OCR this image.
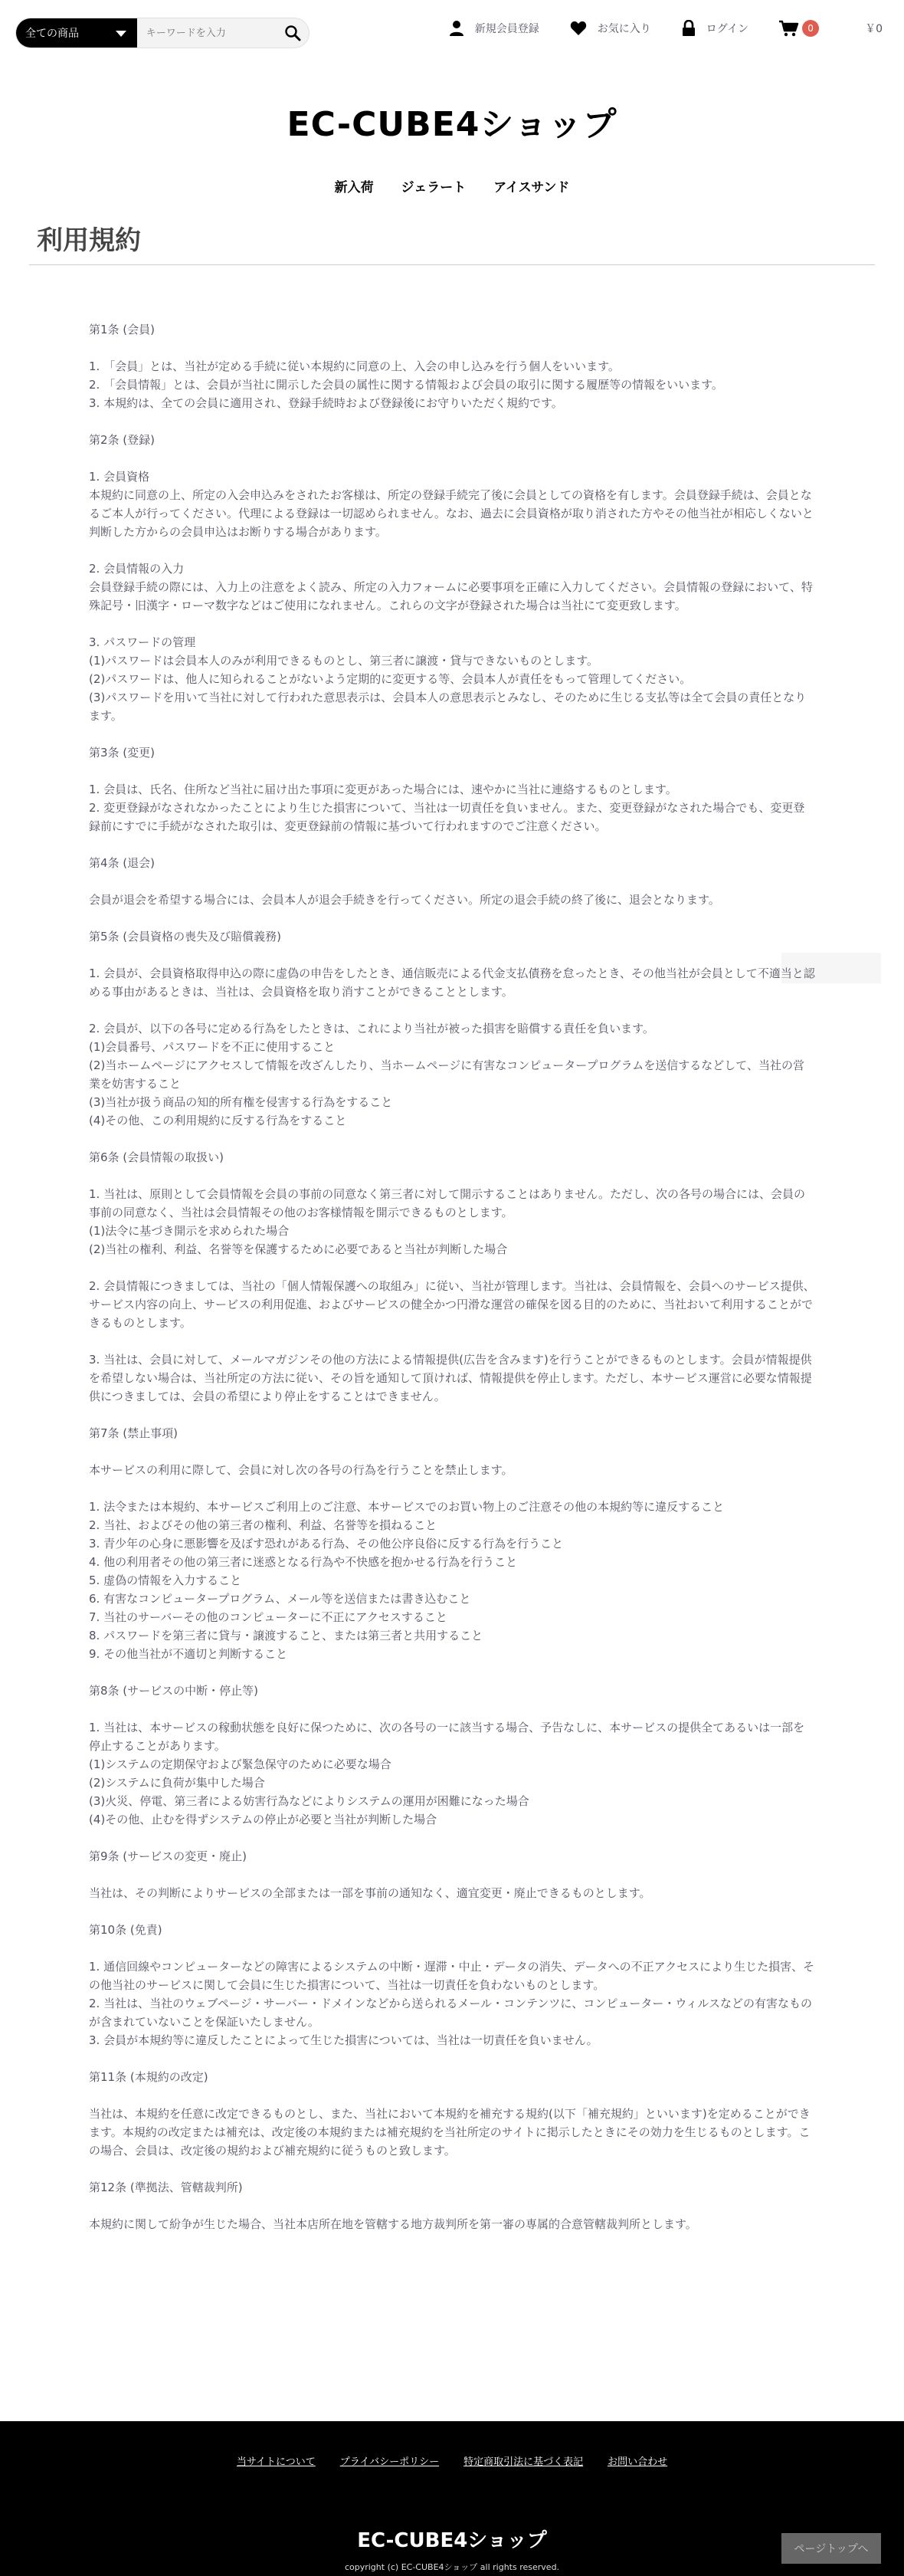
全ての商品
キーワードを入力	新規会員登録	お気に入り	ログイン	0	￥0
EC-CUBE4ショップ
新入荷 ジェラート アイスサンド
利用規約

第1条 (会員)

1. 「会員」とは、当社が定める手続に従い本規約に同意の上、入会の申し込みを行う個人をいいます。
2. 「会員情報」とは、会員が当社に開示した会員の属性に関する情報および会員の取引に関する履歴等の情報をいいます。
3. 本規約は、全ての会員に適用され、登録手続時および登録後にお守りいただく規約です。

第2条 (登録)

1. 会員資格
本規約に同意の上、所定の入会申込みをされたお客様は、所定の登録手続完了後に会員としての資格を有します。会員登録手続は、会員となるご本人が行ってください。代理による登録は一切認められません。なお、過去に会員資格が取り消された方やその他当社が相応しくないと判断した方からの会員申込はお断りする場合があります。

2. 会員情報の入力
会員登録手続の際には、入力上の注意をよく読み、所定の入力フォームに必要事項を正確に入力してください。会員情報の登録において、特殊記号・旧漢字・ローマ数字などはご使用になれません。これらの文字が登録された場合は当社にて変更致します。

3. パスワードの管理
(1)パスワードは会員本人のみが利用できるものとし、第三者に譲渡・貸与できないものとします。
(2)パスワードは、他人に知られることがないよう定期的に変更する等、会員本人が責任をもって管理してください。
(3)パスワードを用いて当社に対して行われた意思表示は、会員本人の意思表示とみなし、そのために生じる支払等は全て会員の責任となります。

第3条 (変更)

1. 会員は、氏名、住所など当社に届け出た事項に変更があった場合には、速やかに当社に連絡するものとします。
2. 変更登録がなされなかったことにより生じた損害について、当社は一切責任を負いません。また、変更登録がなされた場合でも、変更登録前にすでに手続がなされた取引は、変更登録前の情報に基づいて行われますのでご注意ください。

第4条 (退会)

会員が退会を希望する場合には、会員本人が退会手続きを行ってください。所定の退会手続の終了後に、退会となります。

第5条 (会員資格の喪失及び賠償義務)

1. 会員が、会員資格取得申込の際に虚偽の申告をしたとき、通信販売による代金支払債務を怠ったとき、その他当社が会員として不適当と認める事由があるときは、当社は、会員資格を取り消すことができることとします。

2. 会員が、以下の各号に定める行為をしたときは、これにより当社が被った損害を賠償する責任を負います。
(1)会員番号、パスワードを不正に使用すること
(2)当ホームページにアクセスして情報を改ざんしたり、当ホームページに有害なコンピュータープログラムを送信するなどして、当社の営業を妨害すること
(3)当社が扱う商品の知的所有権を侵害する行為をすること
(4)その他、この利用規約に反する行為をすること

第6条 (会員情報の取扱い)

1. 当社は、原則として会員情報を会員の事前の同意なく第三者に対して開示することはありません。ただし、次の各号の場合には、会員の事前の同意なく、当社は会員情報その他のお客様情報を開示できるものとします。
(1)法令に基づき開示を求められた場合
(2)当社の権利、利益、名誉等を保護するために必要であると当社が判断した場合

2. 会員情報につきましては、当社の「個人情報保護への取組み」に従い、当社が管理します。当社は、会員情報を、会員へのサービス提供、サービス内容の向上、サービスの利用促進、およびサービスの健全かつ円滑な運営の確保を図る目的のために、当社おいて利用することができるものとします。

3. 当社は、会員に対して、メールマガジンその他の方法による情報提供(広告を含みます)を行うことができるものとします。会員が情報提供を希望しない場合は、当社所定の方法に従い、その旨を通知して頂ければ、情報提供を停止します。ただし、本サービス運営に必要な情報提供につきましては、会員の希望により停止をすることはできません。

第7条 (禁止事項)

本サービスの利用に際して、会員に対し次の各号の行為を行うことを禁止します。

1. 法令または本規約、本サービスご利用上のご注意、本サービスでのお買い物上のご注意その他の本規約等に違反すること
2. 当社、およびその他の第三者の権利、利益、名誉等を損ねること
3. 青少年の心身に悪影響を及ぼす恐れがある行為、その他公序良俗に反する行為を行うこと
4. 他の利用者その他の第三者に迷惑となる行為や不快感を抱かせる行為を行うこと
5. 虚偽の情報を入力すること
6. 有害なコンピュータープログラム、メール等を送信または書き込むこと
7. 当社のサーバーその他のコンピューターに不正にアクセスすること
8. パスワードを第三者に貸与・譲渡すること、または第三者と共用すること
9. その他当社が不適切と判断すること

第8条 (サービスの中断・停止等)

1. 当社は、本サービスの稼動状態を良好に保つために、次の各号の一に該当する場合、予告なしに、本サービスの提供全てあるいは一部を停止することがあります。
(1)システムの定期保守および緊急保守のために必要な場合
(2)システムに負荷が集中した場合
(3)火災、停電、第三者による妨害行為などによりシステムの運用が困難になった場合
(4)その他、止むを得ずシステムの停止が必要と当社が判断した場合

第9条 (サービスの変更・廃止)

当社は、その判断によりサービスの全部または一部を事前の通知なく、適宜変更・廃止できるものとします。

第10条 (免責)

1. 通信回線やコンピューターなどの障害によるシステムの中断・遅滞・中止・データの消失、データへの不正アクセスにより生じた損害、その他当社のサービスに関して会員に生じた損害について、当社は一切責任を負わないものとします。
2. 当社は、当社のウェブページ・サーバー・ドメインなどから送られるメール・コンテンツに、コンピューター・ウィルスなどの有害なものが含まれていないことを保証いたしません。
3. 会員が本規約等に違反したことによって生じた損害については、当社は一切責任を負いません。

第11条 (本規約の改定)

当社は、本規約を任意に改定できるものとし、また、当社において本規約を補充する規約(以下「補充規約」といいます)を定めることができます。本規約の改定または補充は、改定後の本規約または補充規約を当社所定のサイトに掲示したときにその効力を生じるものとします。この場合、会員は、改定後の規約および補充規約に従うものと致します。

第12条 (準拠法、管轄裁判所)

本規約に関して紛争が生じた場合、当社本店所在地を管轄する地方裁判所を第一審の専属的合意管轄裁判所とします。

当サイトについて プライバシーポリシー 特定商取引法に基づく表記 お問い合わせ
EC-CUBE4ショップ
copyright (c) EC-CUBE4ショップ all rights reserved.
ページトップへ
